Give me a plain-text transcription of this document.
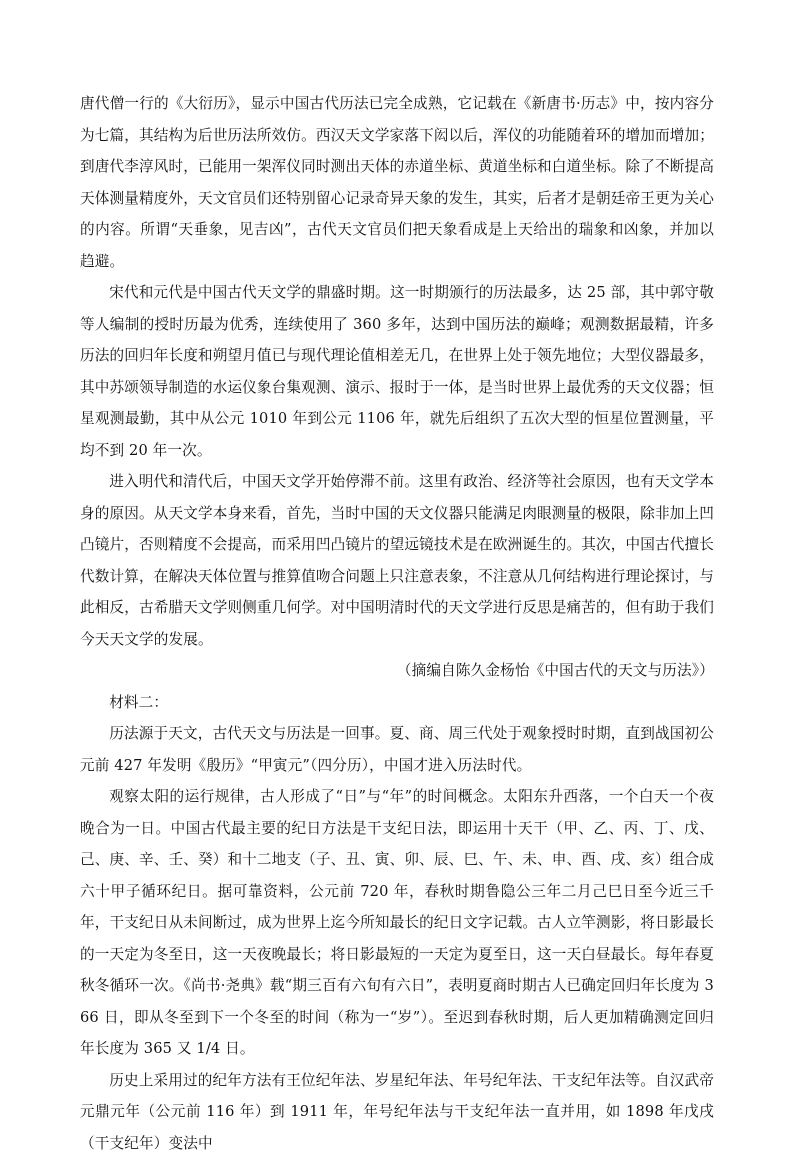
唐代僧一行的《大衍历》，显示中国古代历法已完全成熟，它记载在《新唐书·历志》中，按内容分为七篇，其结构为后世历法所效仿。西汉天文学家落下闳以后，浑仪的功能随着环的增加而增加；到唐代李淳风时，已能用一架浑仪同时测出天体的赤道坐标、黄道坐标和白道坐标。除了不断提高天体测量精度外，天文官员们还特别留心记录奇异天象的发生，其实，后者才是朝廷帝王更为关心的内容。所谓“天垂象，见吉凶”，古代天文官员们把天象看成是上天给出的瑞象和凶象，并加以趋避。

宋代和元代是中国古代天文学的鼎盛时期。这一时期颁行的历法最多，达 25 部，其中郭守敬等人编制的授时历最为优秀，连续使用了 360 多年，达到中国历法的巅峰；观测数据最精，许多历法的回归年长度和朔望月值已与现代理论值相差无几，在世界上处于领先地位；大型仪器最多，其中苏颂领导制造的水运仪象台集观测、演示、报时于一体，是当时世界上最优秀的天文仪器；恒星观测最勤，其中从公元 1010 年到公元 1106 年，就先后组织了五次大型的恒星位置测量，平均不到 20 年一次。

进入明代和清代后，中国天文学开始停滞不前。这里有政治、经济等社会原因，也有天文学本身的原因。从天文学本身来看，首先，当时中国的天文仪器只能满足肉眼测量的极限，除非加上凹凸镜片，否则精度不会提高，而采用凹凸镜片的望远镜技术是在欧洲诞生的。其次，中国古代擅长代数计算，在解决天体位置与推算值吻合问题上只注意表象，不注意从几何结构进行理论探讨，与此相反，古希腊天文学则侧重几何学。对中国明清时代的天文学进行反思是痛苦的，但有助于我们今天天文学的发展。

（摘编自陈久金杨怡《中国古代的天文与历法》）

材料二：

历法源于天文，古代天文与历法是一回事。夏、商、周三代处于观象授时时期，直到战国初公元前 427 年发明《殷历》“甲寅元”（四分历），中国才进入历法时代。

观察太阳的运行规律，古人形成了“日”与“年”的时间概念。太阳东升西落，一个白天一个夜晚合为一日。中国古代最主要的纪日方法是干支纪日法，即运用十天干（甲、乙、丙、丁、戊、己、庚、辛、壬、癸）和十二地支（子、丑、寅、卯、辰、巳、午、未、申、酉、戌、亥）组合成六十甲子循环纪日。据可靠资料，公元前 720 年，春秋时期鲁隐公三年二月己巳日至今近三千年，干支纪日从未间断过，成为世界上迄今所知最长的纪日文字记载。古人立竿测影，将日影最长的一天定为冬至日，这一天夜晚最长；将日影最短的一天定为夏至日，这一天白昼最长。每年春夏秋冬循环一次。《尚书·尧典》载“期三百有六旬有六日”，表明夏商时期古人已确定回归年长度为 366 日，即从冬至到下一个冬至的时间（称为一“岁”）。至迟到春秋时期，后人更加精确测定回归年长度为 365 又 1/4 日。

历史上采用过的纪年方法有王位纪年法、岁星纪年法、年号纪年法、干支纪年法等。自汉武帝元鼎元年（公元前 116 年）到 1911 年，年号纪年法与干支纪年法一直并用，如 1898 年戊戌（干支纪年）变法中
